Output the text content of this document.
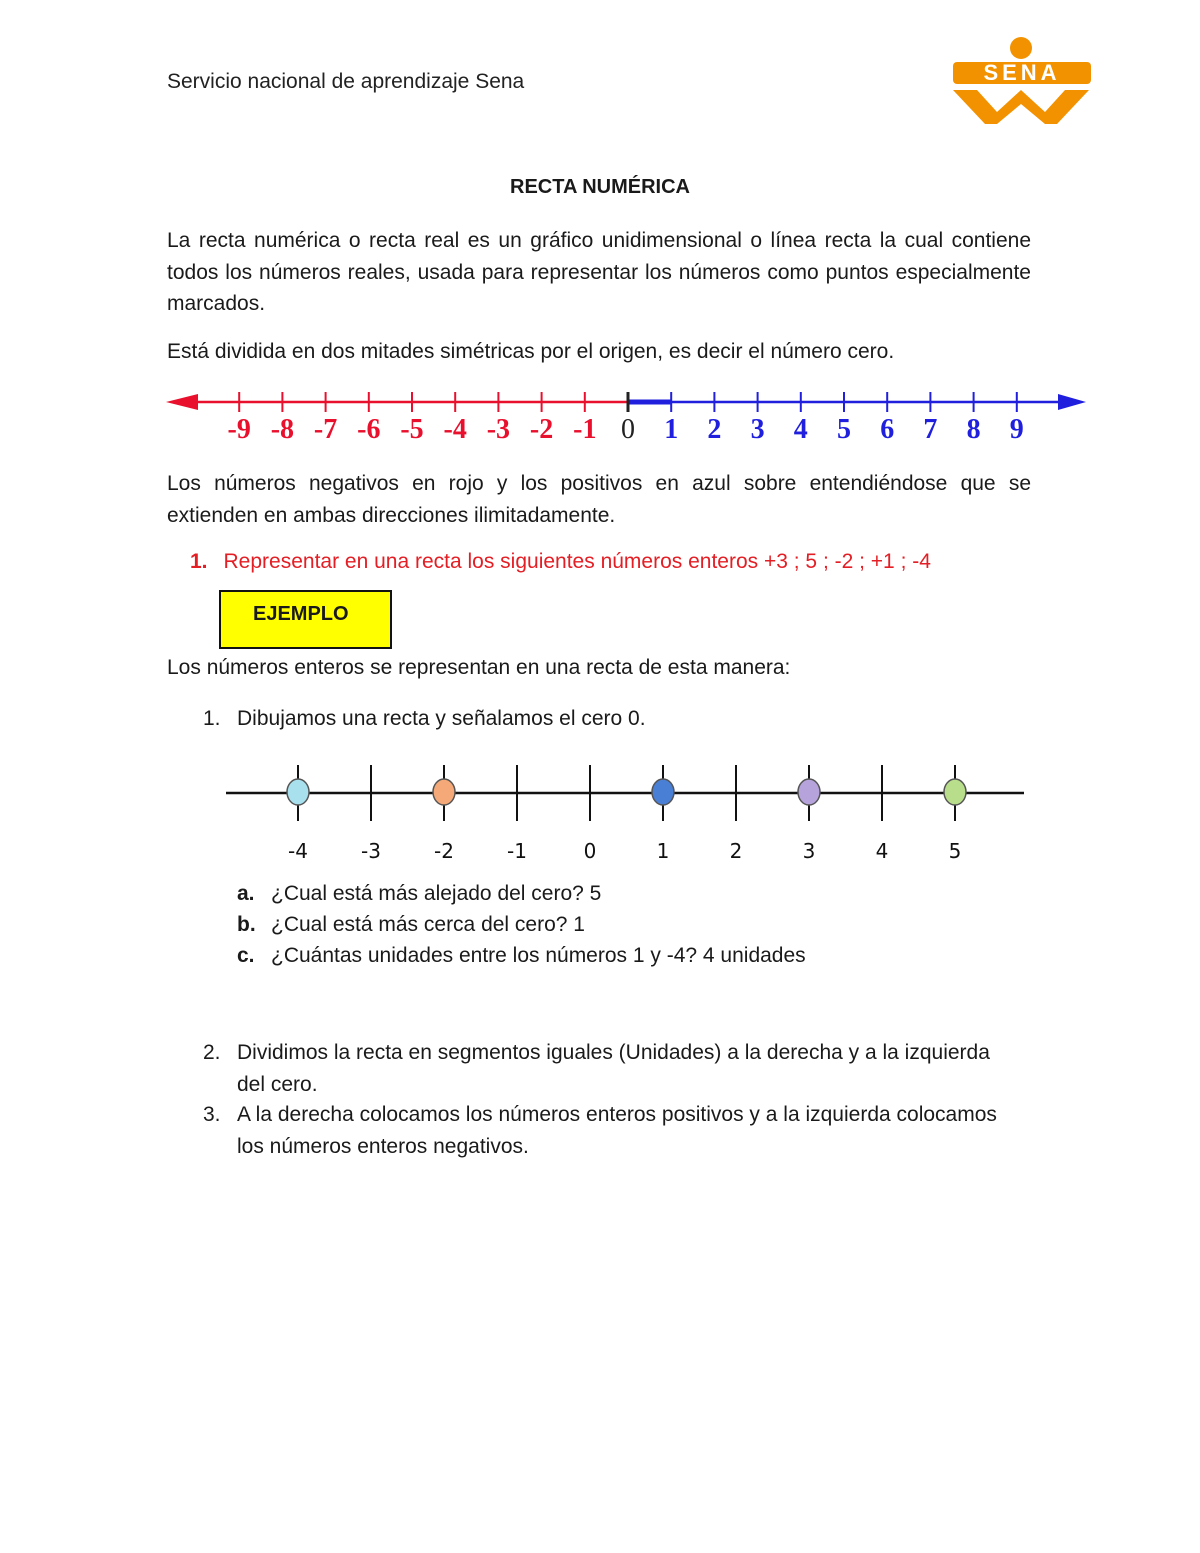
Servicio nacional de aprendizaje Sena	SENA
RECTA NUMÉRICA
La recta numérica o recta real es un gráfico unidimensional o línea recta la cual contiene todos los números reales, usada para representar los números como puntos especialmente marcados.
Está dividida en dos mitades simétricas por el origen, es decir el número cero.
-9 -8 -7 -6 -5 -4 -3 -2 -1 0 1 2 3 4 5 6 7 8 9
Los números negativos en rojo y los positivos en azul sobre entendiéndose que se extienden en ambas direcciones ilimitadamente.
1. Representar en una recta los siguientes números enteros +3 ; 5 ; -2 ; +1 ; -4
EJEMPLO
Los números enteros se representan en una recta de esta manera:
1. Dibujamos una recta y señalamos el cero 0.
-4	-3	-2	-1	0	1	2	3	4	5
a. ¿Cual está más alejado del cero? 5
b. ¿Cual está más cerca del cero? 1
c. ¿Cuántas unidades entre los números 1 y -4? 4 unidades
2. Dividimos la recta en segmentos iguales (Unidades) a la derecha y a la izquierda del cero.
3. A la derecha colocamos los números enteros positivos y a la izquierda colocamos los números enteros negativos.
